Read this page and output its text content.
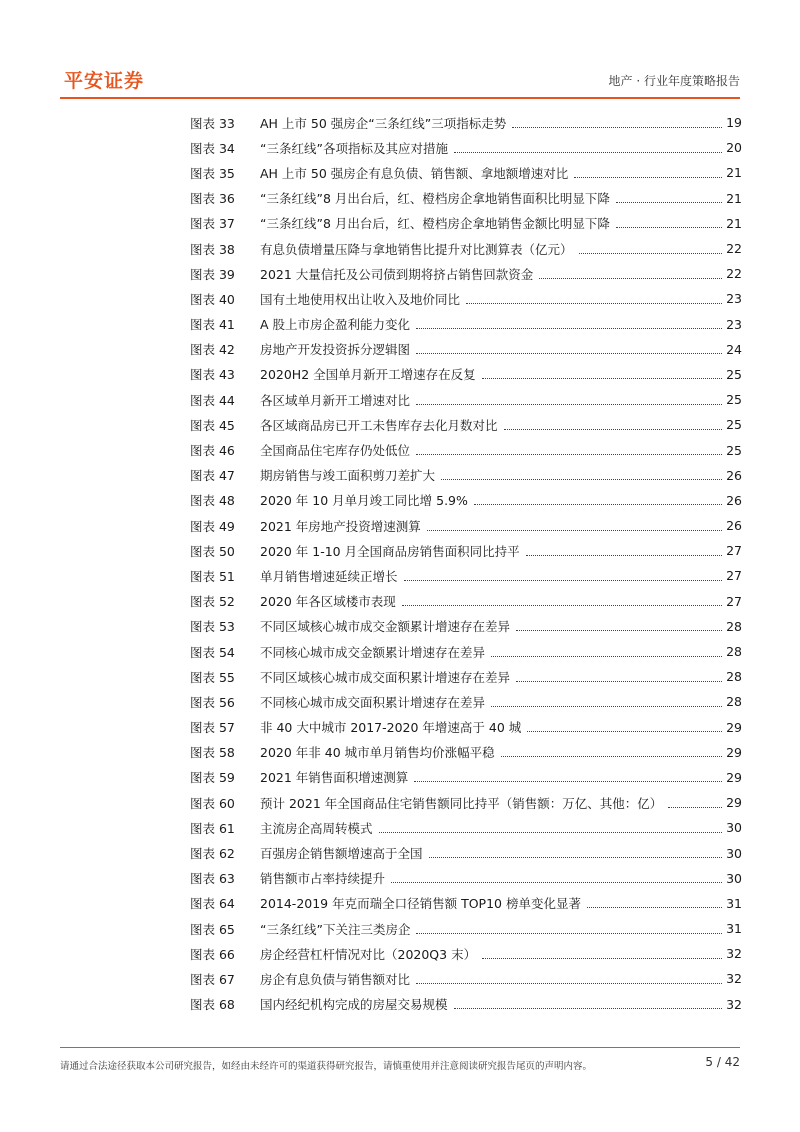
平安证券	地产 · 行业年度策略报告
图表 33	AH 上市 50 强房企“三条红线”三项指标走势	19
图表 34	“三条红线”各项指标及其应对措施	20
图表 35	AH 上市 50 强房企有息负债、销售额、拿地额增速对比	21
图表 36	“三条红线”8 月出台后，红、橙档房企拿地销售面积比明显下降	21
图表 37	“三条红线”8 月出台后，红、橙档房企拿地销售金额比明显下降	21
图表 38	有息负债增量压降与拿地销售比提升对比测算表（亿元）	22
图表 39	2021 大量信托及公司债到期将挤占销售回款资金	22
图表 40	国有土地使用权出让收入及地价同比	23
图表 41	A 股上市房企盈利能力变化	23
图表 42	房地产开发投资拆分逻辑图	24
图表 43	2020H2 全国单月新开工增速存在反复	25
图表 44	各区域单月新开工增速对比	25
图表 45	各区域商品房已开工未售库存去化月数对比	25
图表 46	全国商品住宅库存仍处低位	25
图表 47	期房销售与竣工面积剪刀差扩大	26
图表 48	2020 年 10 月单月竣工同比增 5.9%	26
图表 49	2021 年房地产投资增速测算	26
图表 50	2020 年 1-10 月全国商品房销售面积同比持平	27
图表 51	单月销售增速延续正增长	27
图表 52	2020 年各区域楼市表现	27
图表 53	不同区域核心城市成交金额累计增速存在差异	28
图表 54	不同核心城市成交金额累计增速存在差异	28
图表 55	不同区域核心城市成交面积累计增速存在差异	28
图表 56	不同核心城市成交面积累计增速存在差异	28
图表 57	非 40 大中城市 2017-2020 年增速高于 40 城	29
图表 58	2020 年非 40 城市单月销售均价涨幅平稳	29
图表 59	2021 年销售面积增速测算	29
图表 60	预计 2021 年全国商品住宅销售额同比持平（销售额：万亿、其他：亿）	29
图表 61	主流房企高周转模式	30
图表 62	百强房企销售额增速高于全国	30
图表 63	销售额市占率持续提升	30
图表 64	2014-2019 年克而瑞全口径销售额 TOP10 榜单变化显著	31
图表 65	“三条红线”下关注三类房企	31
图表 66	房企经营杠杆情况对比（2020Q3 末）	32
图表 67	房企有息负债与销售额对比	32
图表 68	国内经纪机构完成的房屋交易规模	32
请通过合法途径获取本公司研究报告，如经由未经许可的渠道获得研究报告，请慎重使用并注意阅读研究报告尾页的声明内容。	5 / 42
